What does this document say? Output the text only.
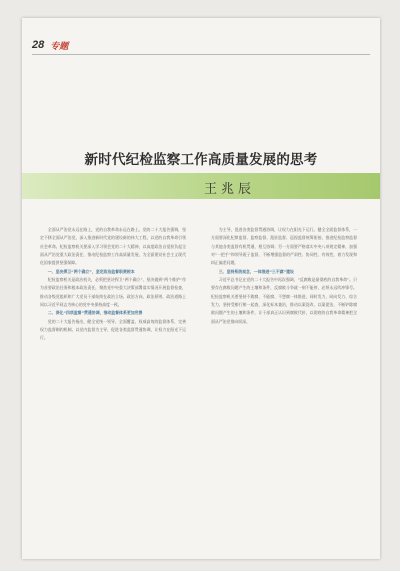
28 专题
新时代纪检监察工作高质量发展的思考
王兆辰

全面从严治党永远在路上，党的自我革命永远在路上。党的二十大报告强调，坚定不移全面从严治党，深入推进新时代党的建设新的伟大工程，以党的自我革命引领社会革命。纪检监察机关要深入学习领会党的二十大精神，以高度政治自觉担负起全面从严治党重大政治责任，推动纪检监察工作高质量发展，为全面建设社会主义现代化国家提供坚强保障。

一、坚决捍卫“两个确立”，坚定政治监督职责根本

纪检监察机关是政治机关，必须把坚决捍卫“两个确立”、坚决做到“两个维护”作为首要政治任务和根本政治责任，聚焦党中央重大决策部署落实情况开展监督检查，推动各级党组织和广大党员干部始终在政治立场、政治方向、政治原则、政治道路上同以习近平同志为核心的党中央保持高度一致。

二、深化“四项监督”贯通协调，推动监督体系更加完善

党的二十大报告指出，健全党统一领导、全面覆盖、权威高效的监督体系，完善权力监督制约机制。以党内监督为主导，促进各类监督贯通协调，让权力在阳光下运行。

为主导，促进各类监督贯通协调，让权力在阳光下运行。健全全面监督体系，一方面要深化纪律监督、监察监督、派驻监督、巡视监督统筹衔接，推进纪检监察监督与其他各类监督有机贯通、相互协调；另一方面要严格落实中央八项规定精神，加强对“一把手”和领导班子监督，不断增强监督的严肃性、协同性、有效性，着力发现和纠正偏差问题。

三、坚持系统观念，一体推进“三不腐”建设

习近平总书记在党的二十大报告中再次强调，“反腐败是最彻底的自我革命”。只要存在腐败问题产生的土壤和条件，反腐败斗争就一刻不能停，必须永远吹冲锋号。纪检监察机关要坚持不敢腐、不能腐、不想腐一体推进，同时发力、同向发力、综合发力，坚持受贿行贿一起查，深化标本兼治，推动以案促改、以案促治，不断铲除腐败问题产生的土壤和条件，让干部真正认识到腐败代价，以彻底的自我革命精神把全面从严治党推向纵深。
